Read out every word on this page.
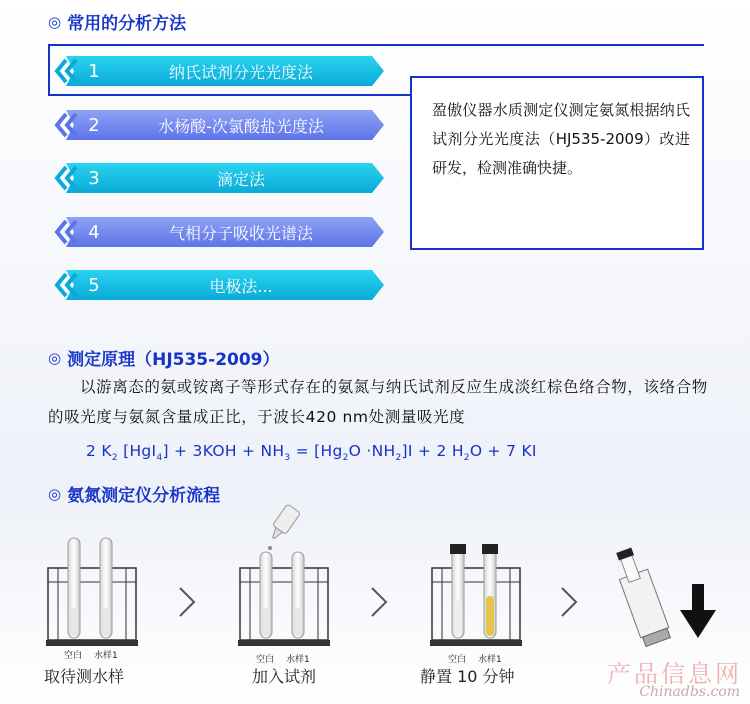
◎ 常用的分析方法
1	纳氏试剂分光光度法
2	水杨酸-次氯酸盐光度法
3	滴定法
4	气相分子吸收光谱法
5	电极法...

盈傲仪器水质测定仪测定氨氮根据纳氏试剂分光光度法（HJ535-2009）改进研发，检测准确快捷。

◎ 测定原理（HJ535-2009）
以游离态的氨或铵离子等形式存在的氨氮与纳氏试剂反应生成淡红棕色络合物，该络合物的吸光度与氨氮含量成正比，于波长420 nm处测量吸光度
2 $K_2$ $[HgI_4] + 3KOH + NH_3 = [Hg_2O \cdot NH_2]I + 2$ $H_2O + 7$ KI
◎ 氨氮测定仪分析流程
空白 水样1	空白 水样1	空白 水样1
取待测水样	加入试剂	静置 10 分钟	产品信息网
Chinadbs.com
